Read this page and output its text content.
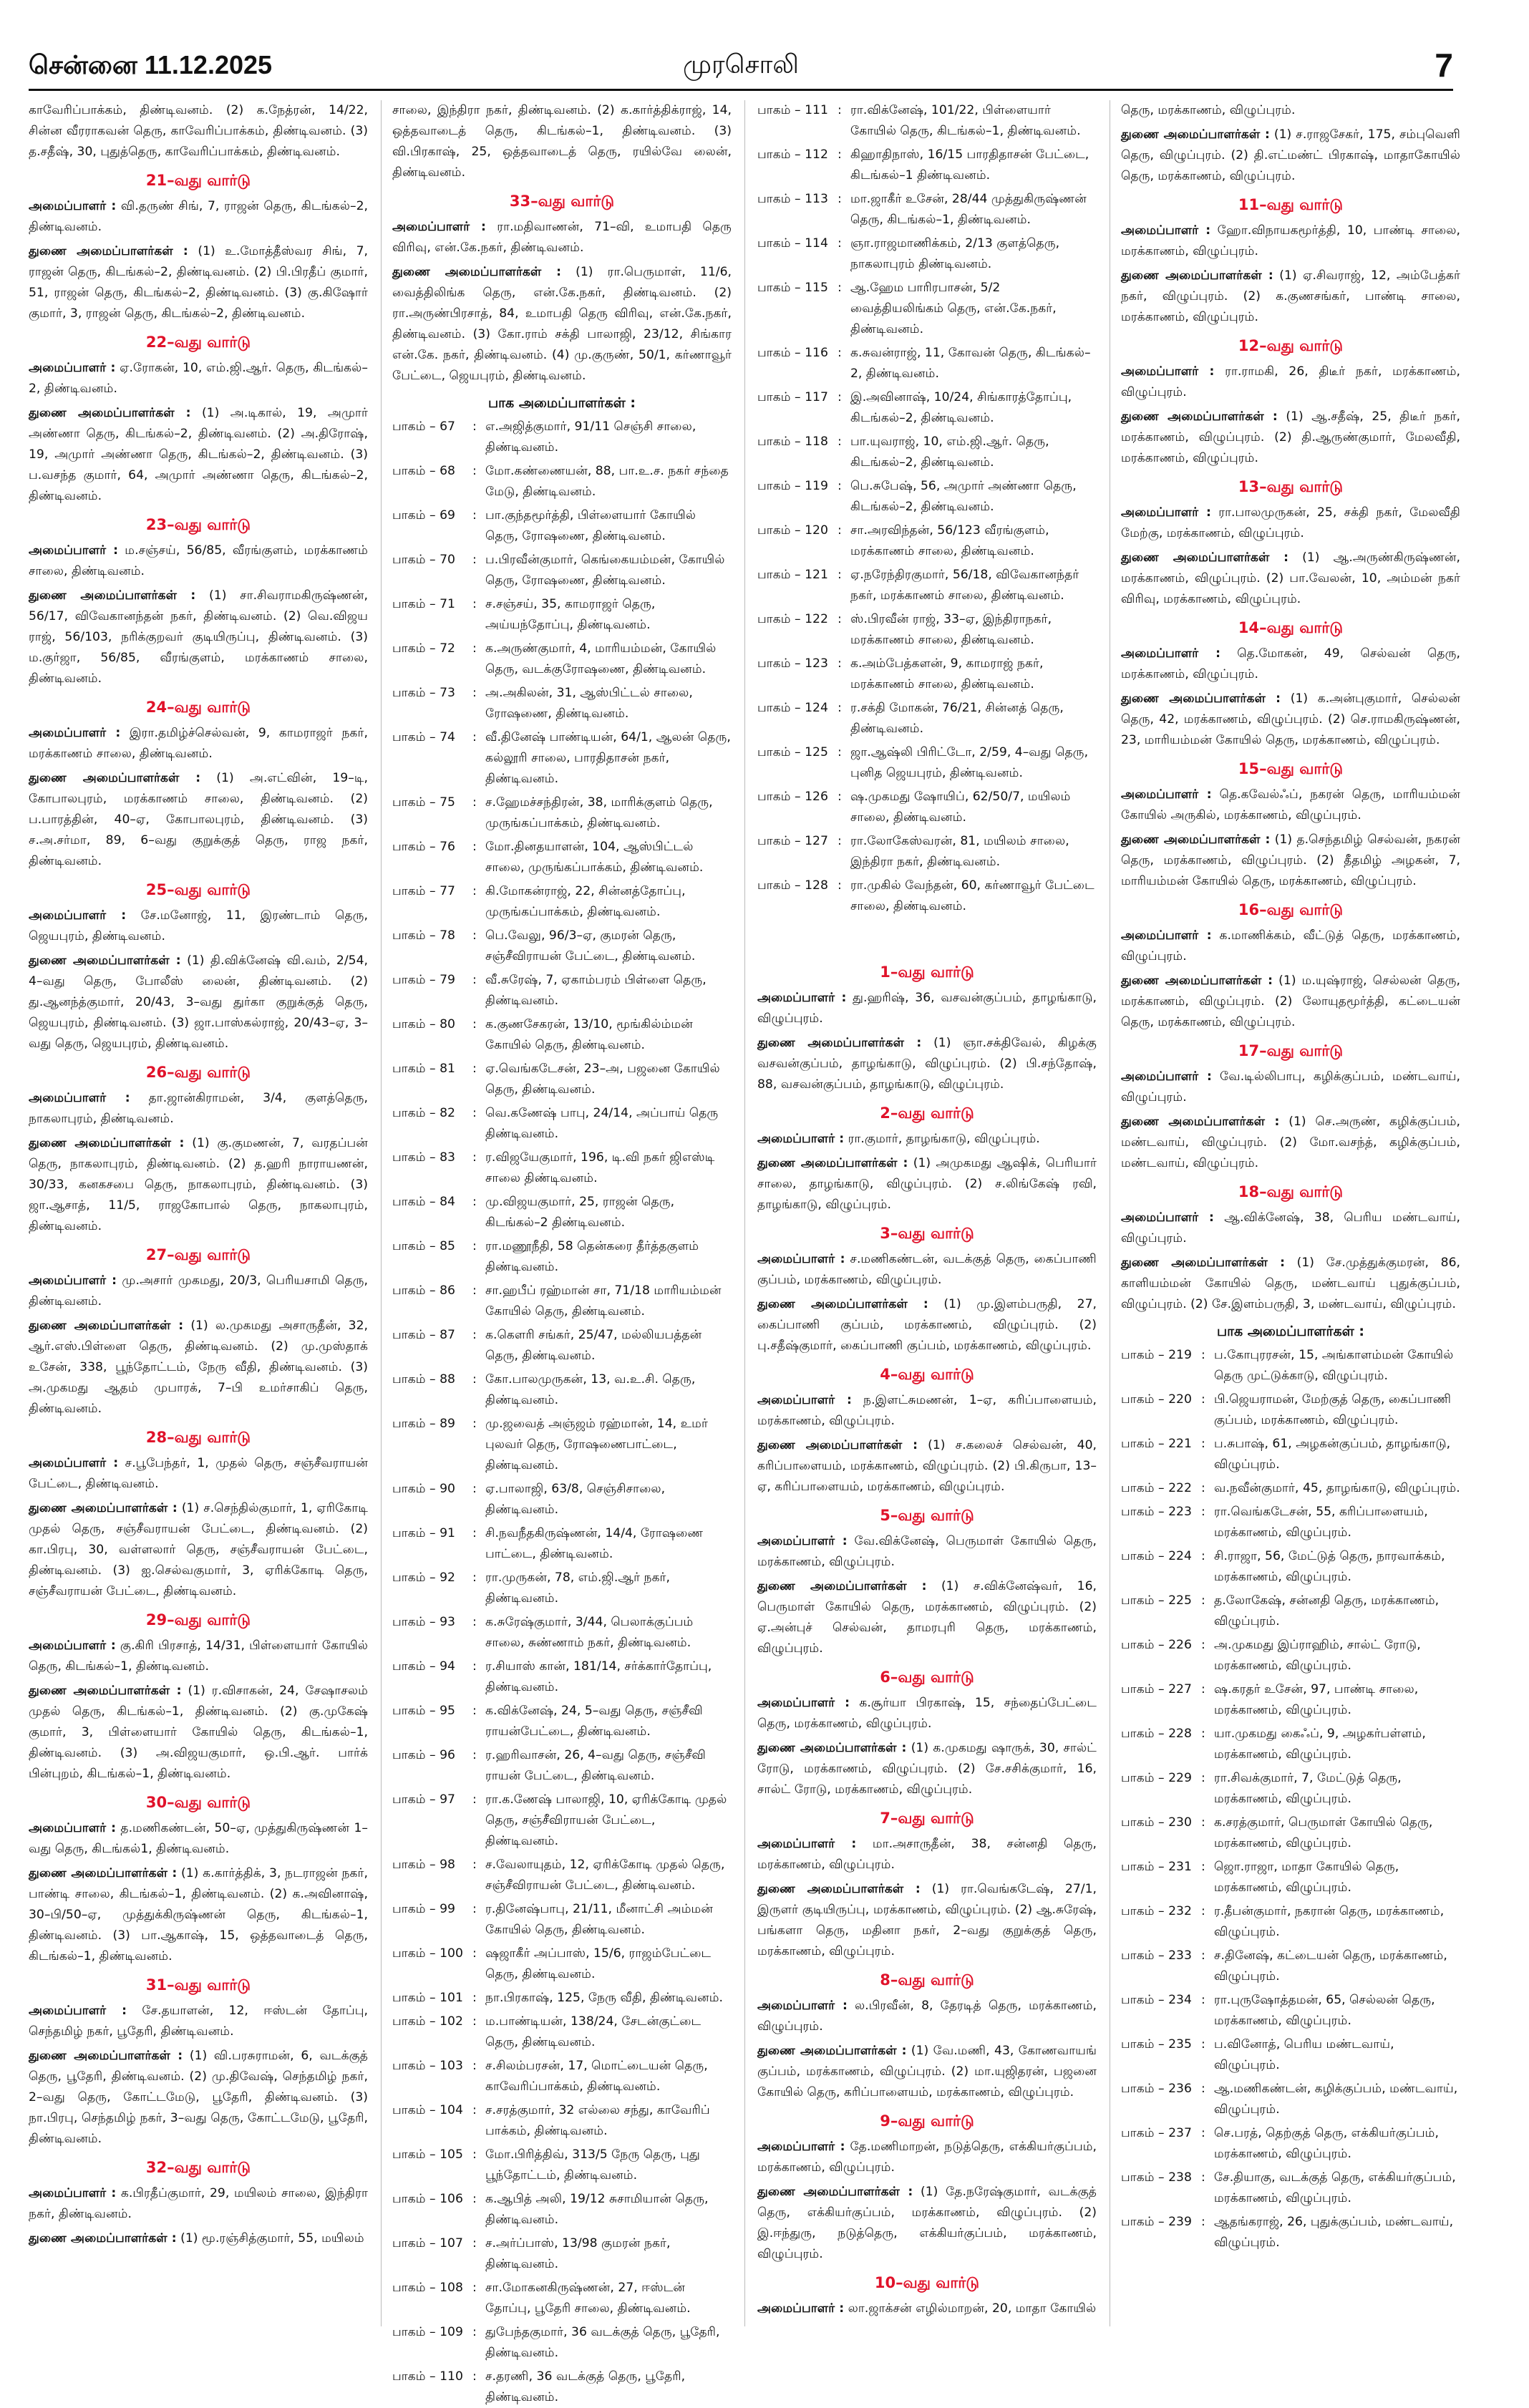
சென்னை 11.12.2025	முரசொலி	7

காவேரிப்பாக்கம், திண்டிவனம். (2) க.நேத்ரன், 14/22, சின்ன வீரராகவன் தெரு, காவேரிப்பாக்கம், திண்டிவனம். (3) த.சதீஷ், 30, புதுத்தெரு, காவேரிப்பாக்கம், திண்டிவனம்.

21–வது வார்டு

அமைப்பாளர் : வி.தருண் சிங், 7, ராஜன் தெரு, கிடங்கல்–2, திண்டிவனம்.

துணை அமைப்பாளர்கள் : (1) உ.மோத்தீஸ்வர சிங், 7, ராஜன் தெரு, கிடங்கல்–2, திண்டிவனம். (2) பி.பிரதீப் குமார், 51, ராஜன் தெரு, கிடங்கல்–2, திண்டிவனம். (3) கு.கிஷோர் குமார், 3, ராஜன் தெரு, கிடங்கல்–2, திண்டிவனம்.

22–வது வார்டு

அமைப்பாளர் : ஏ.ரோகன், 10, எம்.ஜி.ஆர். தெரு, கிடங்கல்–2, திண்டிவனம்.

துணை அமைப்பாளர்கள் : (1) அ.டிகால், 19, அமுார் அண்ணா தெரு, கிடங்கல்–2, திண்டிவனம். (2) அ.திரோஷ், 19, அமுார் அண்ணா தெரு, கிடங்கல்–2, திண்டிவனம். (3) ப.வசந்த குமார், 64, அமுார் அண்ணா தெரு, கிடங்கல்–2, திண்டிவனம்.

23–வது வார்டு

அமைப்பாளர் : ம.சஞ்சய், 56/85, வீரங்குளம், மரக்காணம் சாலை, திண்டிவனம்.

துணை அமைப்பாளர்கள் : (1) சா.சிவராமகிருஷ்ணன், 56/17, விவேகானந்தன் நகர், திண்டிவனம். (2) வெ.விஜய ராஜ், 56/103, நரிக்குறவர் குடியிருப்பு, திண்டிவனம். (3) ம.குர்ஜா, 56/85, வீரங்குளம், மரக்காணம் சாலை, திண்டிவனம்.

24–வது வார்டு

அமைப்பாளர் : இரா.தமிழ்ச்செல்வன், 9, காமராஜர் நகர், மரக்காணம் சாலை, திண்டிவனம்.

துணை அமைப்பாளர்கள் : (1) அ.எட்வின், 19–டி, கோபாலபுரம், மரக்காணம் சாலை, திண்டிவனம். (2) ப.பாரத்தின், 40–ஏ, கோபாலபுரம், திண்டிவனம். (3) ச.அ.சர்மா, 89, 6–வது குறுக்குத் தெரு, ராஜ நகர், திண்டிவனம்.

25–வது வார்டு

அமைப்பாளர் : சே.மனோஜ், 11, இரண்டாம் தெரு, ஜெயபுரம், திண்டிவனம்.

துணை அமைப்பாளர்கள் : (1) தி.விக்னேஷ் வி.வம், 2/54, 4–வது தெரு, போலீஸ் லைன், திண்டிவனம். (2) து.ஆனந்த்குமார், 20/43, 3–வது துர்கா குறுக்குத் தெரு, ஜெயபுரம், திண்டிவனம். (3) ஜா.பாஸ்கல்ராஜ், 20/43–ஏ, 3–வது தெரு, ஜெயபுரம், திண்டிவனம்.

26–வது வார்டு

அமைப்பாளர் : தா.ஜான்கிராமன், 3/4, குளத்தெரு, நாகலாபுரம், திண்டிவனம்.

துணை அமைப்பாளர்கள் : (1) கு.குமணன், 7, வரதப்பன் தெரு, நாகலாபுரம், திண்டிவனம். (2) த.ஹரி நாராயணன், 30/33, கனகசபை தெரு, நாகலாபுரம், திண்டிவனம். (3) ஜா.ஆசாத், 11/5, ராஜகோபால் தெரு, நாகலாபுரம், திண்டிவனம்.

27–வது வார்டு

அமைப்பாளர் : மு.அசார் முகமது, 20/3, பெரியசாமி தெரு, திண்டிவனம்.

துணை அமைப்பாளர்கள் : (1) ல.முகமது அசாருதீன், 32, ஆர்.எஸ்.பிள்ளை தெரு, திண்டிவனம். (2) மு.முஸ்தாக் உசேன், 338, பூந்தோட்டம், நேரு வீதி, திண்டிவனம். (3) அ.முகமது ஆதம் முபாரக், 7–பி உமர்சாகிப் தெரு, திண்டிவனம்.

28–வது வார்டு

அமைப்பாளர் : ச.பூபேந்தர், 1, முதல் தெரு, சஞ்சீவராயன் பேட்டை, திண்டிவனம்.

துணை அமைப்பாளர்கள் : (1) ச.செந்தில்குமார், 1, ஏரிகோடி முதல் தெரு, சஞ்சீவராயன் பேட்டை, திண்டிவனம். (2) கா.பிரபு, 30, வள்ளலார் தெரு, சஞ்சீவராயன் பேட்டை, திண்டிவனம். (3) ஐ.செல்வகுமார், 3, ஏரிக்கோடி தெரு, சஞ்சீவராயன் பேட்டை, திண்டிவனம்.

29–வது வார்டு

அமைப்பாளர் : கு.கிரி பிரசாத், 14/31, பிள்ளையார் கோயில் தெரு, கிடங்கல்–1, திண்டிவனம்.

துணை அமைப்பாளர்கள் : (1) ர.விசாகன், 24, சேஷாசலம் முதல் தெரு, கிடங்கல்–1, திண்டிவனம். (2) கு.முகேஷ் குமார், 3, பிள்ளையார் கோயில் தெரு, கிடங்கல்–1, திண்டிவனம். (3) அ.விஜயகுமார், ஒ.பி.ஆர். பார்க் பின்புறம், கிடங்கல்–1, திண்டிவனம்.

30–வது வார்டு

அமைப்பாளர் : த.மணிகண்டன், 50–ஏ, முத்துகிருஷ்ணன் 1–வது தெரு, கிடங்கல்1, திண்டிவனம்.

துணை அமைப்பாளர்கள் : (1) க.கார்த்திக், 3, நடராஜன் நகர், பாண்டி சாலை, கிடங்கல்–1, திண்டிவனம். (2) க.அவினாஷ், 30–பி/50–ஏ, முத்துக்கிருஷ்ணன் தெரு, கிடங்கல்–1, திண்டிவனம். (3) பா.ஆகாஷ், 15, ஒத்தவாடைத் தெரு, கிடங்கல்–1, திண்டிவனம்.

31–வது வார்டு

அமைப்பாளர் : சே.தயாளன், 12, ஈஸ்டன் தோப்பு, செந்தமிழ் நகர், பூதேரி, திண்டிவனம்.

துணை அமைப்பாளர்கள் : (1) வி.பரசுராமன், 6, வடக்குத் தெரு, பூதேரி, திண்டிவனம். (2) மு.திவேஷ், செந்தமிழ் நகர், 2–வது தெரு, கோட்டமேடு, பூதேரி, திண்டிவனம். (3) நா.பிரபு, செந்தமிழ் நகர், 3–வது தெரு, கோட்டமேடு, பூதேரி, திண்டிவனம்.

32–வது வார்டு

அமைப்பாளர் : க.பிரதீப்குமார், 29, மயிலம் சாலை, இந்திரா நகர், திண்டிவனம்.

துணை அமைப்பாளர்கள் : (1) மூ.ரஞ்சித்குமார், 55, மயிலம்

சாலை, இந்திரா நகர், திண்டிவனம். (2) க.கார்த்திக்ராஜ், 14, ஒத்தவாடைத் தெரு, கிடங்கல்–1, திண்டிவனம். (3) வி.பிரகாஷ், 25, ஒத்தவாடைத் தெரு, ரயில்வே லைன், திண்டிவனம்.

33–வது வார்டு

அமைப்பாளர் : ரா.மதிவாணன், 71–வி, உமாபதி தெரு விரிவு, என்.கே.நகர், திண்டிவனம்.

துணை அமைப்பாளர்கள் : (1) ரா.பெருமாள், 11/6, வைத்திலிங்க தெரு, என்.கே.நகர், திண்டிவனம். (2) ரா.அருண்பிரசாத், 84, உமாபதி தெரு விரிவு, என்.கே.நகர், திண்டிவனம். (3) கோ.ராம் சக்தி பாலாஜி, 23/12, சிங்கார என்.கே. நகர், திண்டிவனம். (4) மு.குருண், 50/1, கர்ணாவூர் பேட்டை, ஜெயபுரம், திண்டிவனம்.

பாக அமைப்பாளர்கள் :
பாகம் – 67	: எ.அஜித்குமார், 91/11 செஞ்சி சாலை, திண்டிவனம்.
பாகம் – 68	: மோ.கண்ணையன், 88, பா.உ.ச. நகர் சந்தை மேடு, திண்டிவனம்.
பாகம் – 69	: பா.குந்தமூர்த்தி, பிள்ளையார் கோயில் தெரு, ரோஷணை, திண்டிவனம்.
பாகம் – 70	: ப.பிரவீன்குமார், கெங்கையம்மன், கோயில் தெரு, ரோஷணை, திண்டிவனம்.
பாகம் – 71	: ச.சஞ்சய், 35, காமராஜர் தெரு, அய்யந்தோப்பு, திண்டிவனம்.
பாகம் – 72	: க.அருண்குமார், 4, மாரியம்மன், கோயில் தெரு, வடக்குரோஷணை, திண்டிவனம்.
பாகம் – 73	: அ.அகிலன், 31, ஆஸ்பிட்டல் சாலை, ரோஷணை, திண்டிவனம்.
பாகம் – 74	: வீ.தினேஷ் பாண்டியன், 64/1, ஆலன் தெரு, கல்லூரி சாலை, பாரதிதாசன் நகர், திண்டிவனம்.
பாகம் – 75	: ச.ஹேமச்சந்திரன், 38, மாரிக்குளம் தெரு, முருங்கப்பாக்கம், திண்டிவனம்.
பாகம் – 76	: மோ.தினதயாளன், 104, ஆஸ்பிட்டல் சாலை, முருங்கப்பாக்கம், திண்டிவனம்.
பாகம் – 77	: கி.மோகன்ராஜ், 22, சின்னத்தோப்பு, முருங்கப்பாக்கம், திண்டிவனம்.
பாகம் – 78	: பெ.வேலு, 96/3–ஏ, குமரன் தெரு, சஞ்சீவிராயன் பேட்டை, திண்டிவனம்.
பாகம் – 79	: வீ.சுரேஷ், 7, ஏகாம்பரம் பிள்ளை தெரு, திண்டிவனம்.
பாகம் – 80	: க.குணசேகரன், 13/10, மூங்கில்ம்மன் கோயில் தெரு, திண்டிவனம்.
பாகம் – 81	: ஏ.வெங்கடேசன், 23–அ, பஜனை கோயில் தெரு, திண்டிவனம்.
பாகம் – 82	: வெ.கணேஷ் பாபு, 24/14, அப்பாய் தெரு திண்டிவனம்.
பாகம் – 83	: ர.விஜயேகுமார், 196, டி.வி நகர் ஜிஎஸ்டி சாலை திண்டிவனம்.
பாகம் – 84	: மு.விஜயகுமார், 25, ராஜன் தெரு, கிடங்கல்–2 திண்டிவனம்.
பாகம் – 85	: ரா.மணூநீதி, 58 தென்கரை தீர்த்தகுளம் திண்டிவனம்.
பாகம் – 86	: சா.ஹபீப் ரஹ்மான் சா, 71/18 மாரியம்மன் கோயில் தெரு, திண்டிவனம்.
பாகம் – 87	: க.கௌரி சங்கர், 25/47, மல்லியபத்தன் தெரு, திண்டிவனம்.
பாகம் – 88	: கோ.பாலமுருகன், 13, வ.உ.சி. தெரு, திண்டிவனம்.
பாகம் – 89	: மு.ஜவைத் அஞ்ஜம் ரஹ்மான், 14, உமர் புலவர் தெரு, ரோஷணைபாட்டை, திண்டிவனம்.
பாகம் – 90	: ஏ.பாலாஜி, 63/8, செஞ்சிசாலை, திண்டிவனம்.
பாகம் – 91	: சி.நவநீதகிருஷ்ணன், 14/4, ரோஷணை பாட்டை, திண்டிவனம்.
பாகம் – 92	: ரா.முருகன், 78, எம்.ஜி.ஆர் நகர், திண்டிவனம்.
பாகம் – 93	: க.சுரேஷ்குமார், 3/44, பெலாக்குப்பம் சாலை, சுண்ணாம் நகர், திண்டிவனம்.
பாகம் – 94	: ர.சியாஸ் கான், 181/14, சர்க்கார்தோப்பு, திண்டிவனம்.
பாகம் – 95	: க.விக்னேஷ், 24, 5–வது தெரு, சஞ்சீவி ராயன்பேட்டை, திண்டிவனம்.
பாகம் – 96	: ர.ஹரிவாசன், 26, 4–வது தெரு, சஞ்சீவி ராயன் பேட்டை, திண்டிவனம்.
பாகம் – 97	: ரா.க.ணேஷ் பாலாஜி, 10, ஏரிக்கோடி முதல் தெரு, சஞ்சீவிராயன் பேட்டை, திண்டிவனம்.
பாகம் – 98	: ச.வேலாயுதம், 12, ஏரிக்கோடி முதல் தெரு, சஞ்சீவிராயன் பேட்டை, திண்டிவனம்.
பாகம் – 99	: ர.தினேஷ்பாபு, 21/11, மீனாட்சி அம்மன் கோயில் தெரு, திண்டிவனம்.
பாகம் – 100 : ஷஜாகீர் அப்பாஸ், 15/6, ராஜம்பேட்டை தெரு, திண்டிவனம்.
பாகம் – 101 : நா.பிரகாஷ், 125, நேரு வீதி, திண்டிவனம்.
பாகம் – 102 : ம.பாண்டியன், 138/24, சேடன்குட்டை தெரு, திண்டிவனம்.
பாகம் – 103 : ச.சிலம்பரசன், 17, மொட்டையன் தெரு, காவேரிப்பாக்கம், திண்டிவனம்.
பாகம் – 104 : ச.சரத்குமார், 32 எல்லை சந்து, காவேரிப் பாக்கம், திண்டிவனம்.
பாகம் – 105 : மோ.பிரித்திவ், 313/5 நேரு தெரு, புது பூந்தோட்டம், திண்டிவனம்.
பாகம் – 106 : க.ஆபித் அலி, 19/12 சுசாமியான் தெரு, திண்டிவனம்.
பாகம் – 107 : ச.அர்ப்பாஸ், 13/98 குமரன் நகர், திண்டிவனம்.
பாகம் – 108 : சா.மோகனகிருஷ்ணன், 27, ஈஸ்டன் தோப்பு, பூதேரி சாலை, திண்டிவனம்.
பாகம் – 109 : துபேந்தகுமார், 36 வடக்குத் தெரு, பூதேரி, திண்டிவனம்.
பாகம் – 110 : ச.தரணி, 36 வடக்குத் தெரு, பூதேரி, திண்டிவனம்.
பாகம் – 111 : ரா.விக்னேஷ், 101/22, பிள்ளையார் கோயில் தெரு, கிடங்கல்–1, திண்டிவனம்.
பாகம் – 112 : கிஹாதிநாஸ், 16/15 பாரதிதாசன் பேட்டை, கிடங்கல்–1 திண்டிவனம்.
பாகம் – 113 : மா.ஜாகீர் உசேன், 28/44 முத்துகிருஷ்ணன் தெரு, கிடங்கல்–1, திண்டிவனம்.
பாகம் – 114 : ஞா.ராஜமாணிக்கம், 2/13 குளத்தெரு, நாகலாபுரம் திண்டிவனம்.
பாகம் – 115 : ஆ.ஹேம பாரிரபாசன், 5/2 வைத்தியலிங்கம் தெரு, என்.கே.நகர், திண்டிவனம்.
பாகம் – 116 : க.சுவன்ராஜ், 11, கோவன் தெரு, கிடங்கல்–2, திண்டிவனம்.
பாகம் – 117 : இ.அவினாஷ், 10/24, சிங்காரத்தோப்பு, கிடங்கல்–2, திண்டிவனம்.
பாகம் – 118 : பா.யுவராஜ், 10, எம்.ஜி.ஆர். தெரு, கிடங்கல்–2, திண்டிவனம்.
பாகம் – 119 : பெ.சுபேஷ், 56, அமுார் அண்ணா தெரு, கிடங்கல்–2, திண்டிவனம்.
பாகம் – 120 : சா.அரவிந்தன், 56/123 வீரங்குளம், மரக்காணம் சாலை, திண்டிவனம்.
பாகம் – 121 : ஏ.நரேந்திரகுமார், 56/18, விவேகானந்தர் நகர், மரக்காணம் சாலை, திண்டிவனம்.
பாகம் – 122 : ஸ்.பிரவீன் ராஜ், 33–ஏ, இந்திராநகர், மரக்காணம் சாலை, திண்டிவனம்.
பாகம் – 123 : க.அம்பேத்களன், 9, காமராஜ் நகர், மரக்காணம் சாலை, திண்டிவனம்.
பாகம் – 124 : ர.சக்தி மோகன், 76/21, சின்னத் தெரு, திண்டிவனம்.
பாகம் – 125 : ஜா.ஆஷ்லி பிரிட்டோ, 2/59, 4–வது தெரு, புனித ஜெயபுரம், திண்டிவனம்.
பாகம் – 126 : ஷ.முகமது ஷோயிப், 62/50/7, மயிலம் சாலை, திண்டிவனம்.
பாகம் – 127 : ரா.லோகேஸ்வரன், 81, மயிலம் சாலை, இந்திரா நகர், திண்டிவனம்.
பாகம் – 128 : ரா.முகில் வேந்தன், 60, கர்ணாவூர் பேட்டை சாலை, திண்டிவனம்.
1–வது வார்டு

அமைப்பாளர் : து.ஹரிஷ், 36, வசவன்குப்பம், தாழங்காடு, விழுப்புரம்.

துணை அமைப்பாளர்கள் : (1) ஞா.சக்திவேல், கிழக்கு வசவன்குப்பம், தாழங்காடு, விழுப்புரம். (2) பி.சந்தோஷ், 88, வசவன்குப்பம், தாழங்காடு, விழுப்புரம்.

2–வது வார்டு

அமைப்பாளர் : ரா.குமார், தாழங்காடு, விழுப்புரம்.

துணை அமைப்பாளர்கள் : (1) அமுகமது ஆஷிக், பெரியார் சாலை, தாழங்காடு, விழுப்புரம். (2) ச.லிங்கேஷ் ரவி, தாழங்காடு, விழுப்புரம்.

3–வது வார்டு

அமைப்பாளர் : ச.மணிகண்டன், வடக்குத் தெரு, கைப்பாணி குப்பம், மரக்காணம், விழுப்புரம்.

துணை அமைப்பாளர்கள் : (1) மு.இளம்பருதி, 27, கைப்பாணி குப்பம், மரக்காணம், விழுப்புரம். (2) பு.சதீஷ்குமார், கைப்பாணி குப்பம், மரக்காணம், விழுப்புரம்.

4–வது வார்டு

அமைப்பாளர் : ந.இளட்சுமணன், 1–ஏ, கரிப்பாளையம், மரக்காணம், விழுப்புரம்.

துணை அமைப்பாளர்கள் : (1) ச.கலைச் செல்வன், 40, கரிப்பாளையம், மரக்காணம், விழுப்புரம். (2) பி.கிருபா, 13–ஏ, கரிப்பாளையம், மரக்காணம், விழுப்புரம்.

5–வது வார்டு

அமைப்பாளர் : வே.விக்னேஷ், பெருமாள் கோயில் தெரு, மரக்காணம், விழுப்புரம்.

துணை அமைப்பாளர்கள் : (1) ச.விக்னேஷ்வர், 16, பெருமாள் கோயில் தெரு, மரக்காணம், விழுப்புரம். (2) ஏ.அன்புச் செல்வன், தாமரபுரி தெரு, மரக்காணம், விழுப்புரம்.

6–வது வார்டு

அமைப்பாளர் : க.சூர்யா பிரகாஷ், 15, சந்தைப்பேட்டை தெரு, மரக்காணம், விழுப்புரம்.

துணை அமைப்பாளர்கள் : (1) க.முகமது ஷாருக், 30, சால்ட் ரோடு, மரக்காணம், விழுப்புரம். (2) சே.சசிக்குமார், 16, சால்ட் ரோடு, மரக்காணம், விழுப்புரம்.

7–வது வார்டு

அமைப்பாளர் : மா.அசாருதீன், 38, சன்னதி தெரு, மரக்காணம், விழுப்புரம்.

துணை அமைப்பாளர்கள் : (1) ரா.வெங்கடேஷ், 27/1, இருளர் குடியிருப்பு, மரக்காணம், விழுப்புரம். (2) ஆ.சுரேஷ், பங்களா தெரு, மதினா நகர், 2–வது குறுக்குத் தெரு, மரக்காணம், விழுப்புரம்.

8–வது வார்டு

அமைப்பாளர் : ல.பிரவீன், 8, தேரடித் தெரு, மரக்காணம், விழுப்புரம்.

துணை அமைப்பாளர்கள் : (1) வே.மணி, 43, கோணவாயங் குப்பம், மரக்காணம், விழுப்புரம். (2) மா.யுஜிதரன், பஜனை கோயில் தெரு, கரிப்பாளையம், மரக்காணம், விழுப்புரம்.

9–வது வார்டு

அமைப்பாளர் : தே.மணிமாறன், நடுத்தெரு, எக்கியர்குப்பம், மரக்காணம், விழுப்புரம்.

துணை அமைப்பாளர்கள் : (1) தே.நரேஷ்குமார், வடக்குத் தெரு, எக்கியர்குப்பம், மரக்காணம், விழுப்புரம். (2) இ.ஈந்துரு, நடுத்தெரு, எக்கியர்குப்பம், மரக்காணம், விழுப்புரம்.

10–வது வார்டு

அமைப்பாளர் : லா.ஜாக்சன் எழில்மாறன், 20, மாதா கோயில்

தெரு, மரக்காணம், விழுப்புரம்.

துணை அமைப்பாளர்கள் : (1) ச.ராஜசேகர், 175, சம்புவெளி தெரு, விழுப்புரம். (2) தி.எட்மண்ட் பிரகாஷ், மாதாகோயில் தெரு, மரக்காணம், விழுப்புரம்.

11–வது வார்டு

அமைப்பாளர் : ஹோ.விநாயகமூர்த்தி, 10, பாண்டி சாலை, மரக்காணம், விழுப்புரம்.

துணை அமைப்பாளர்கள் : (1) ஏ.சிவராஜ், 12, அம்பேத்கர் நகர், விழுப்புரம். (2) க.குணசங்கர், பாண்டி சாலை, மரக்காணம், விழுப்புரம்.

12–வது வார்டு

அமைப்பாளர் : ரா.ராமகி, 26, திடீர் நகர், மரக்காணம், விழுப்புரம்.

துணை அமைப்பாளர்கள் : (1) ஆ.சதீஷ், 25, திடீர் நகர், மரக்காணம், விழுப்புரம். (2) தி.ஆருண்குமார், மேலவீதி, மரக்காணம், விழுப்புரம்.

13–வது வார்டு

அமைப்பாளர் : ரா.பாலமுருகன், 25, சக்தி நகர், மேலவீதி மேற்கு, மரக்காணம், விழுப்புரம்.

துணை அமைப்பாளர்கள் : (1) ஆ.அருண்கிருஷ்ணன், மரக்காணம், விழுப்புரம். (2) பா.வேலன், 10, அம்மன் நகர் விரிவு, மரக்காணம், விழுப்புரம்.

14–வது வார்டு

அமைப்பாளர் : தெ.மோகன், 49, செல்வன் தெரு, மரக்காணம், விழுப்புரம்.

துணை அமைப்பாளர்கள் : (1) க.அன்புகுமார், செல்லன் தெரு, 42, மரக்காணம், விழுப்புரம். (2) செ.ராமகிருஷ்ணன், 23, மாரியம்மன் கோயில் தெரு, மரக்காணம், விழுப்புரம்.

15–வது வார்டு

அமைப்பாளர் : தெ.கவேல்ஃப், நகரன் தெரு, மாரியம்மன் கோயில் அருகில், மரக்காணம், விழுப்புரம்.

துணை அமைப்பாளர்கள் : (1) த.செந்தமிழ் செல்வன், நகரன் தெரு, மரக்காணம், விழுப்புரம். (2) தீதமிழ் அழகன், 7, மாரியம்மன் கோயில் தெரு, மரக்காணம், விழுப்புரம்.

16–வது வார்டு

அமைப்பாளர் : க.மாணிக்கம், வீட்டுத் தெரு, மரக்காணம், விழுப்புரம்.

துணை அமைப்பாளர்கள் : (1) ம.யுஷ்ராஜ், செல்லன் தெரு, மரக்காணம், விழுப்புரம். (2) லோயுதமூர்த்தி, கட்டையன் தெரு, மரக்காணம், விழுப்புரம்.

17–வது வார்டு

அமைப்பாளர் : வே.டில்லிபாபு, கழிக்குப்பம், மண்டவாய், விழுப்புரம்.

துணை அமைப்பாளர்கள் : (1) செ.அருண், கழிக்குப்பம், மண்டவாய், விழுப்புரம். (2) மோ.வசந்த், கழிக்குப்பம், மண்டவாய், விழுப்புரம்.

18–வது வார்டு

அமைப்பாளர் : ஆ.விக்னேஷ், 38, பெரிய மண்டவாய், விழுப்புரம்.

துணை அமைப்பாளர்கள் : (1) சே.முத்துக்குமரன், 86, காளியம்மன் கோயில் தெரு, மண்டவாய் புதுக்குப்பம், விழுப்புரம். (2) சே.இளம்பருதி, 3, மண்டவாய், விழுப்புரம்.

பாக அமைப்பாளர்கள் :
பாகம் – 219 : ப.கோபுரரசன், 15, அங்காளம்மன் கோயில் தெரு முட்டுக்காடு, விழுப்புரம்.
பாகம் – 220 : பி.ஜெயராமன், மேற்குத் தெரு, கைப்பாணி குப்பம், மரக்காணம், விழுப்புரம்.
பாகம் – 221 : ப.சுபாஷ், 61, அழகன்குப்பம், தாழங்காடு, விழுப்புரம்.
பாகம் – 222 : வ.நவீன்குமார், 45, தாழங்காடு, விழுப்புரம்.
பாகம் – 223 : ரா.வெங்கடேசன், 55, கரிப்பாளையம், மரக்காணம், விழுப்புரம்.
பாகம் – 224 : சி.ராஜா, 56, மேட்டுத் தெரு, நாரவாக்கம், மரக்காணம், விழுப்புரம்.
பாகம் – 225 : த.லோகேஷ், சன்னதி தெரு, மரக்காணம், விழுப்புரம்.
பாகம் – 226 : அ.முகமது இப்ராஹிம், சால்ட் ரோடு, மரக்காணம், விழுப்புரம்.
பாகம் – 227 : ஷ.கரதர் உசேன், 97, பாண்டி சாலை, மரக்காணம், விழுப்புரம்.
பாகம் – 228 : யா.முகமது கைஃப், 9, அழகர்பள்ளம், மரக்காணம், விழுப்புரம்.
பாகம் – 229 : ரா.சிவக்குமார், 7, மேட்டுத் தெரு, மரக்காணம், விழுப்புரம்.
பாகம் – 230 : க.சரத்குமார், பெருமாள் கோயில் தெரு, மரக்காணம், விழுப்புரம்.
பாகம் – 231 : ஜொ.ராஜா, மாதா கோயில் தெரு, மரக்காணம், விழுப்புரம்.
பாகம் – 232 : ர.தீபன்குமார், நகரான் தெரு, மரக்காணம், விழுப்புரம்.
பாகம் – 233 : ச.தினேஷ், கட்டையன் தெரு, மரக்காணம், விழுப்புரம்.
பாகம் – 234 : ரா.புருஷோத்தமன், 65, செல்லன் தெரு, மரக்காணம், விழுப்புரம்.
பாகம் – 235 : ப.வினோத், பெரிய மண்டவாய், விழுப்புரம்.
பாகம் – 236 : ஆ.மணிகண்டன், கழிக்குப்பம், மண்டவாய், விழுப்புரம்.
பாகம் – 237 : செ.பரத், தெற்குத் தெரு, எக்கியர்குப்பம், மரக்காணம், விழுப்புரம்.
பாகம் – 238 : சே.தியாகு, வடக்குத் தெரு, எக்கியர்குப்பம், மரக்காணம், விழுப்புரம்.
பாகம் – 239 : ஆதங்கராஜ், 26, புதுக்குப்பம், மண்டவாய், விழுப்புரம்.
